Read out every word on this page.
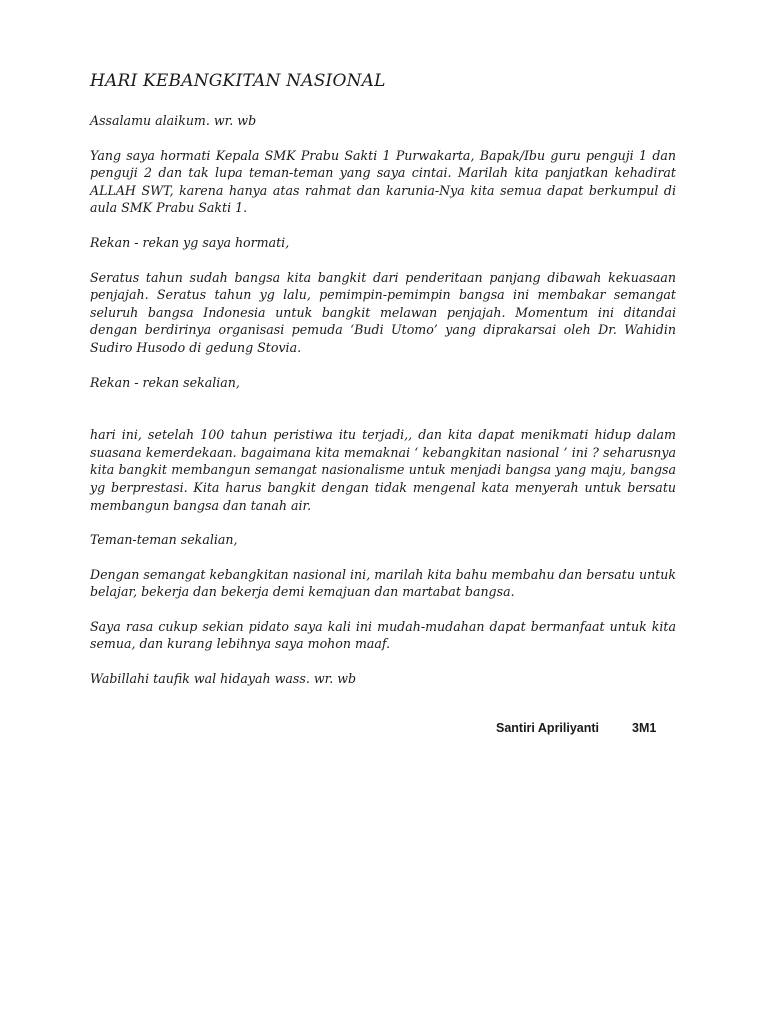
HARI KEBANGKITAN NASIONAL

Assalamu alaikum. wr. wb

Yang saya hormati Kepala SMK Prabu Sakti 1 Purwakarta, Bapak/Ibu guru penguji 1 dan penguji 2 dan tak lupa teman-teman yang saya cintai. Marilah kita panjatkan kehadirat ALLAH SWT, karena hanya atas rahmat dan karunia-Nya kita semua dapat berkumpul di aula SMK Prabu Sakti 1.

Rekan - rekan yg saya hormati,

Seratus tahun sudah bangsa kita bangkit dari penderitaan panjang dibawah kekuasaan penjajah. Seratus tahun yg lalu, pemimpin-pemimpin bangsa ini membakar semangat seluruh bangsa Indonesia untuk bangkit melawan penjajah. Momentum ini ditandai dengan berdirinya organisasi pemuda ‘Budi Utomo’ yang diprakarsai oleh Dr. Wahidin Sudiro Husodo di gedung Stovia.

Rekan - rekan sekalian,

hari ini, setelah 100 tahun peristiwa itu terjadi,, dan kita dapat menikmati hidup dalam suasana kemerdekaan. bagaimana kita memaknai ‘ kebangkitan nasional ’ ini ? seharusnya kita bangkit membangun semangat nasionalisme untuk menjadi bangsa yang maju, bangsa yg berprestasi. Kita harus bangkit dengan tidak mengenal kata menyerah untuk bersatu membangun bangsa dan tanah air.

Teman-teman sekalian,

Dengan semangat kebangkitan nasional ini, marilah kita bahu membahu dan bersatu untuk belajar, bekerja dan bekerja demi kemajuan dan martabat bangsa.

Saya rasa cukup sekian pidato saya kali ini mudah-mudahan dapat bermanfaat untuk kita semua, dan kurang lebihnya saya mohon maaf.

Wabillahi taufik wal hidayah wass. wr. wb

Santiri Apriliyanti	3M1
